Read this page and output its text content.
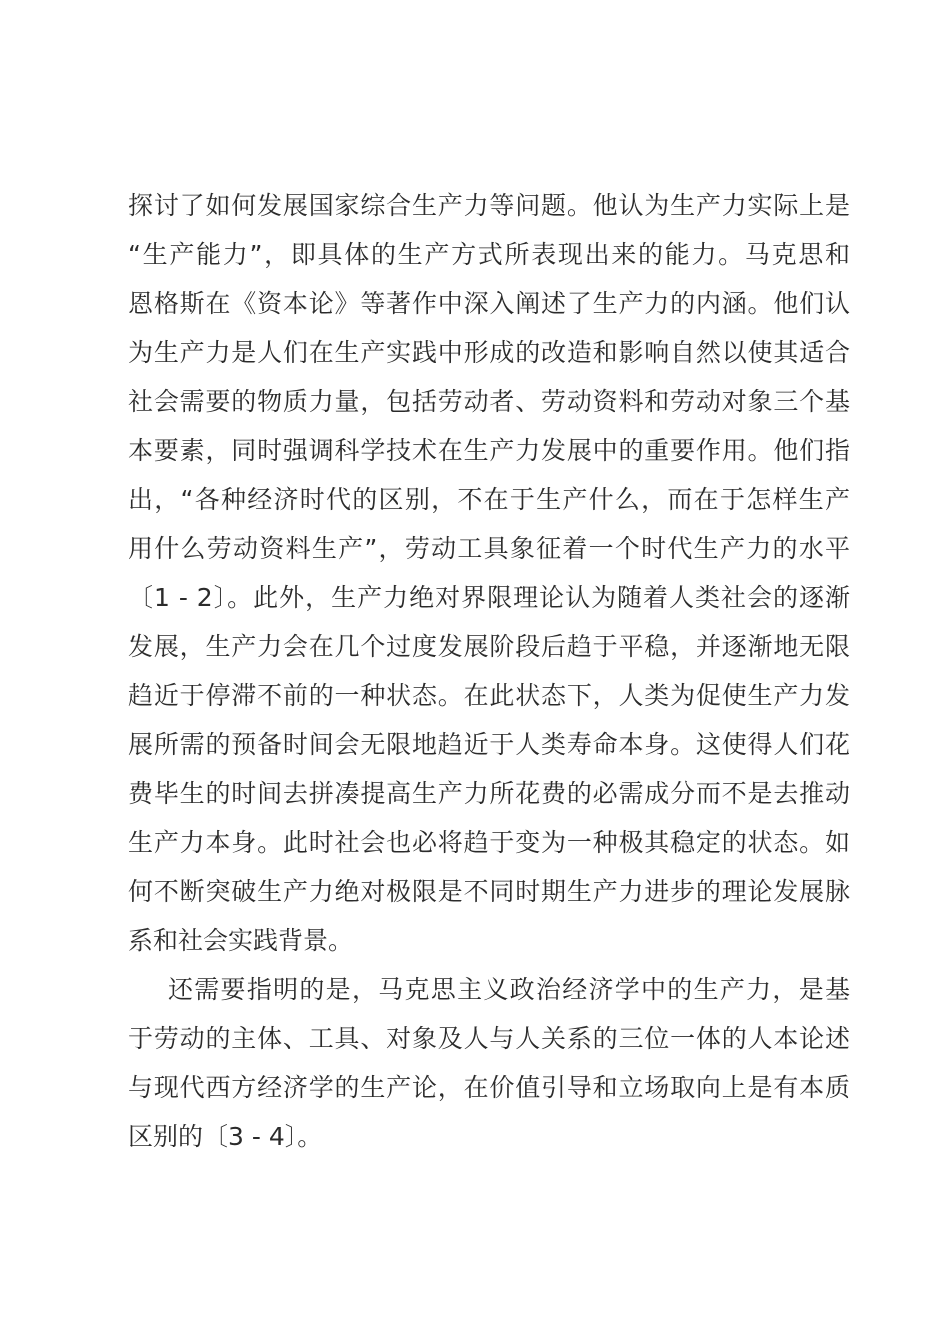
探讨了如何发展国家综合生产力等问题。他认为生产力实际上是
“生产能力”，即具体的生产方式所表现出来的能力。马克思和
恩格斯在《资本论》等著作中深入阐述了生产力的内涵。他们认
为生产力是人们在生产实践中形成的改造和影响自然以使其适合
社会需要的物质力量，包括劳动者、劳动资料和劳动对象三个基
本要素，同时强调科学技术在生产力发展中的重要作用。他们指
出，“各种经济时代的区别，不在于生产什么，而在于怎样生产
用什么劳动资料生产”，劳动工具象征着一个时代生产力的水平
〔1 - 2〕。此外，生产力绝对界限理论认为随着人类社会的逐渐
发展，生产力会在几个过度发展阶段后趋于平稳，并逐渐地无限
趋近于停滞不前的一种状态。在此状态下，人类为促使生产力发
展所需的预备时间会无限地趋近于人类寿命本身。这使得人们花
费毕生的时间去拼凑提高生产力所花费的必需成分而不是去推动
生产力本身。此时社会也必将趋于变为一种极其稳定的状态。如
何不断突破生产力绝对极限是不同时期生产力进步的理论发展脉
系和社会实践背景。
还需要指明的是，马克思主义政治经济学中的生产力，是基
于劳动的主体、工具、对象及人与人关系的三位一体的人本论述
与现代西方经济学的生产论，在价值引导和立场取向上是有本质
区别的〔3 - 4〕。
